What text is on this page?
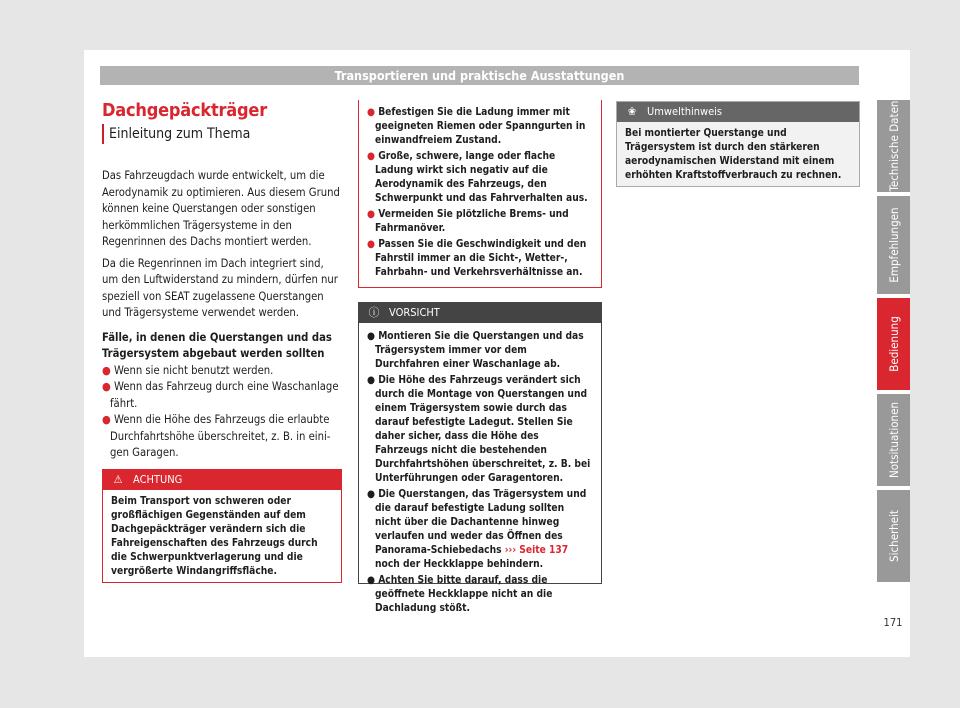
Transportieren und praktische Ausstattungen
Dachgepäckträger
Einleitung zum Thema

Das Fahrzeugdach wurde entwickelt, um die Aerodynamik zu optimieren. Aus diesem Grund können keine Querstangen oder sonstigen herkömmlichen Trägersysteme in den Regenrinnen des Dachs montiert werden.

Da die Regenrinnen im Dach integriert sind, um den Luftwiderstand zu mindern, dürfen nur speziell von SEAT zugelassene Querstangen und Trägersysteme verwendet werden.

Fälle, in denen die Querstangen und das Trägersystem abgebaut werden sollten

● Wenn sie nicht benutzt werden.

● Wenn das Fahrzeug durch eine Waschanlage fährt.

● Wenn die Höhe des Fahrzeugs die erlaubte Durchfahrtshöhe überschreitet, z. B. in einigen Garagen.

⚠ ACHTUNG

Beim Transport von schweren oder großflächigen Gegenständen auf dem Dachgepäckträger verändern sich die Fahreigenschaften des Fahrzeugs durch die Schwerpunktverlagerung und die vergrößerte Windangriffsfläche.

● Befestigen Sie die Ladung immer mit geeigneten Riemen oder Spanngurten in einwandfreiem Zustand.

● Große, schwere, lange oder flache Ladung wirkt sich negativ auf die Aerodynamik des Fahrzeugs, den Schwerpunkt und das Fahrverhalten aus.

● Vermeiden Sie plötzliche Brems- und Fahrmanöver.

● Passen Sie die Geschwindigkeit und den Fahrstil immer an die Sicht-, Wetter-, Fahrbahn- und Verkehrsverhältnisse an.

ⓘ VORSICHT

● Montieren Sie die Querstangen und das Trägersystem immer vor dem Durchfahren einer Waschanlage ab.

● Die Höhe des Fahrzeugs verändert sich durch die Montage von Querstangen und einem Trägersystem sowie durch das darauf befestigte Ladegut. Stellen Sie daher sicher, dass die Höhe des Fahrzeugs nicht die bestehenden Durchfahrtshöhen überschreitet, z. B. bei Unterführungen oder Garagentoren.

● Die Querstangen, das Trägersystem und die darauf befestigte Ladung sollten nicht über die Dachantenne hinweg verlaufen und weder das Öffnen des Panorama-Schiebedachs ››› Seite 137 noch der Heckklappe behindern.

● Achten Sie bitte darauf, dass die geöffnete Heckklappe nicht an die Dachladung stößt.

❀ Umwelthinweis

Bei montierter Querstange und Trägersystem ist durch den stärkeren aerodynamischen Widerstand mit einem erhöhten Kraftstoffverbrauch zu rechnen.	Technische Daten
Empfehlungen
Bedienung
Notsituationen
Sicherheit
171
